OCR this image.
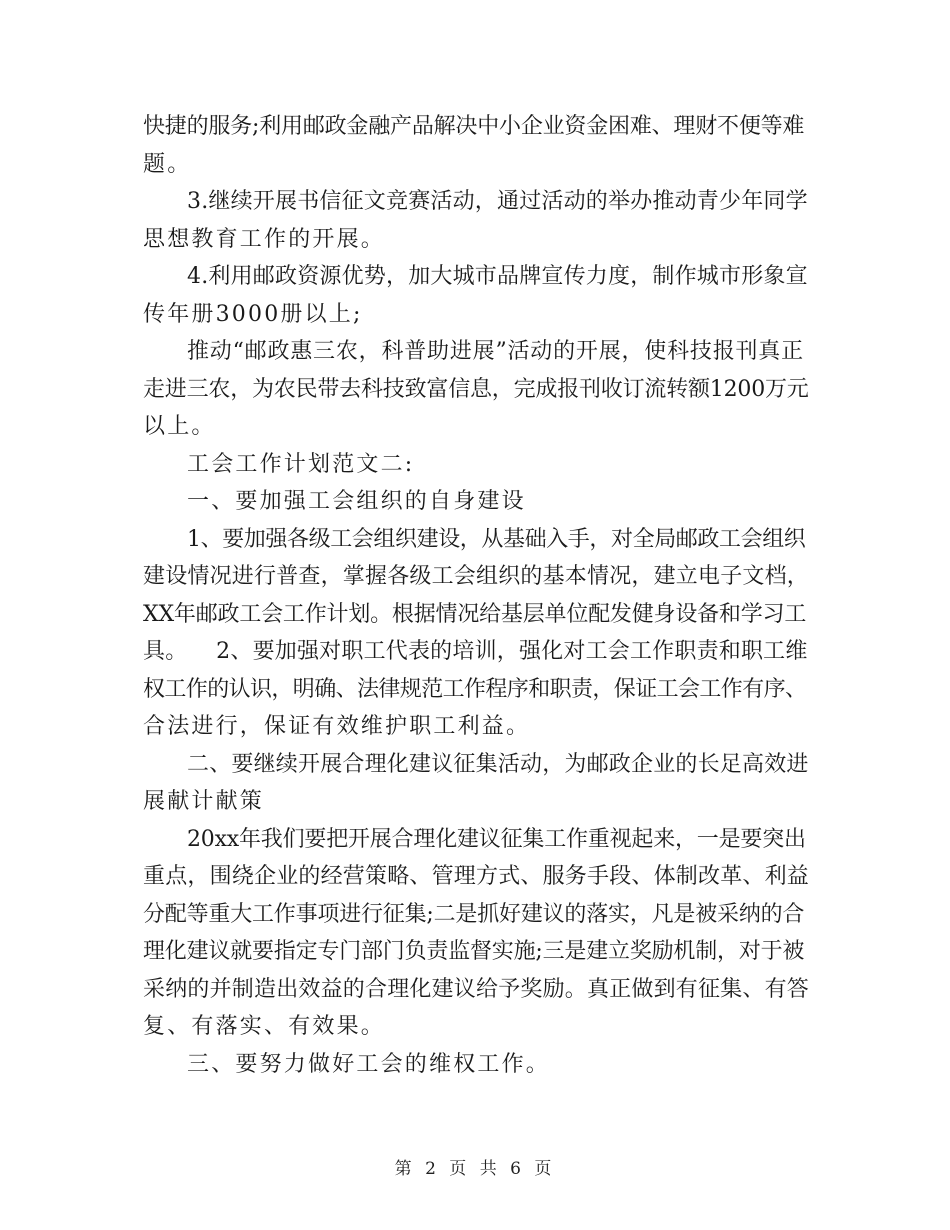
快捷的服务;利用邮政金融产品解决中小企业资金困难、理财不便等难
题。
3.继续开展书信征文竞赛活动，通过活动的举办推动青少年同学
思想教育工作的开展。
4.利用邮政资源优势，加大城市品牌宣传力度，制作城市形象宣
传年册3000册以上;
推动“邮政惠三农，科普助进展”活动的开展，使科技报刊真正
走进三农，为农民带去科技致富信息，完成报刊收订流转额1200万元
以上。
工会工作计划范文二:
一、要加强工会组织的自身建设
1、要加强各级工会组织建设，从基础入手，对全局邮政工会组织
建设情况进行普查，掌握各级工会组织的基本情况，建立电子文档，
XX年邮政工会工作计划。根据情况给基层单位配发健身设备和学习工
具。    2、要加强对职工代表的培训，强化对工会工作职责和职工维
权工作的认识，明确、法律规范工作程序和职责，保证工会工作有序、
合法进行，保证有效维护职工利益。
二、要继续开展合理化建议征集活动，为邮政企业的长足高效进
展献计献策
20xx年我们要把开展合理化建议征集工作重视起来，一是要突出
重点，围绕企业的经营策略、管理方式、服务手段、体制改革、利益
分配等重大工作事项进行征集;二是抓好建议的落实，凡是被采纳的合
理化建议就要指定专门部门负责监督实施;三是建立奖励机制，对于被
采纳的并制造出效益的合理化建议给予奖励。真正做到有征集、有答
复、有落实、有效果。
三、要努力做好工会的维权工作。
第 2 页 共 6 页
